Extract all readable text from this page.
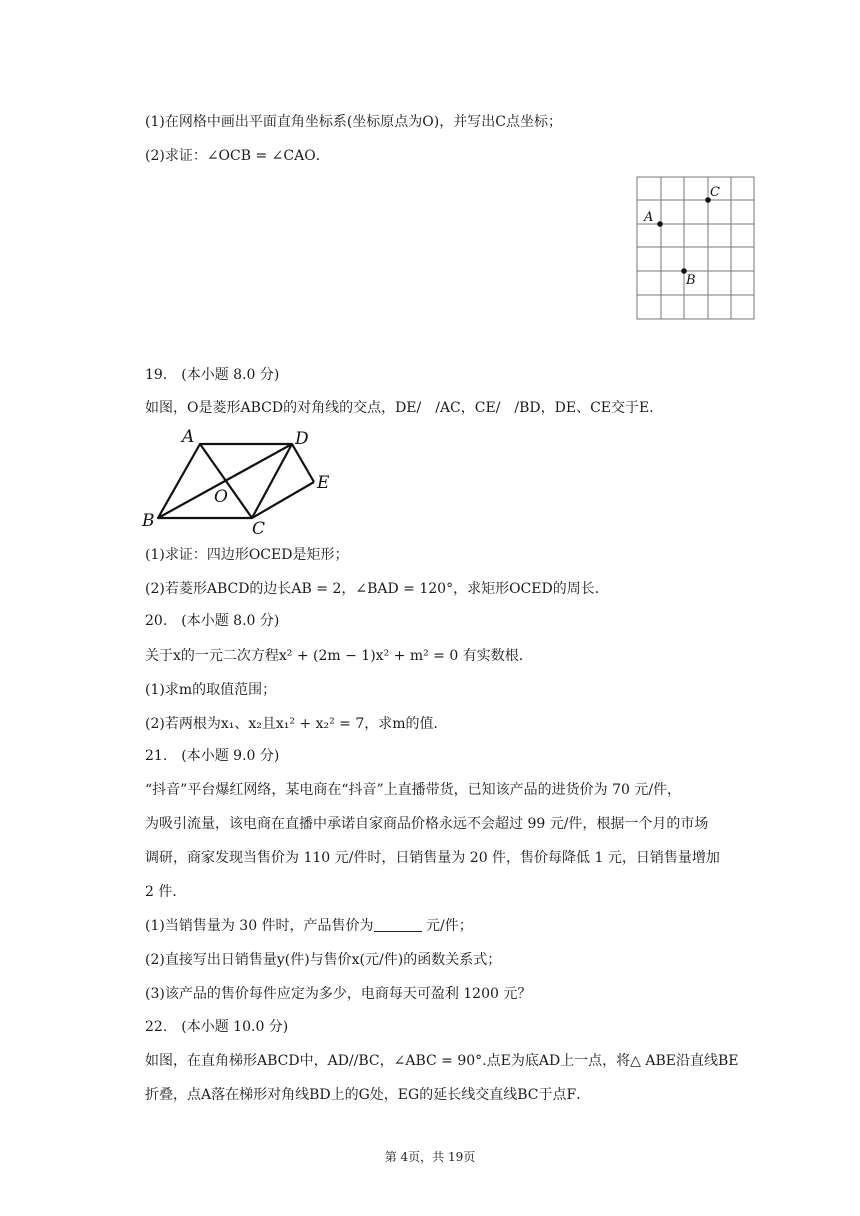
(1)在网格中画出平面直角坐标系(坐标原点为O)，并写出C点坐标；
(2)求证：∠OCB = ∠CAO．
C
A
B
19.　(本小题 8.0 分)
如图，O是菱形ABCD的对角线的交点，DE/　/AC，CE/　/BD，DE、CE交于E．
A	D
O
E
B	C
(1)求证：四边形OCED是矩形；
(2)若菱形ABCD的边长AB = 2，∠BAD = 120°，求矩形OCED的周长．
20.　(本小题 8.0 分)
关于x的一元二次方程x² + (2m − 1)x² + m² = 0 有实数根．
(1)求m的取值范围；
(2)若两根为x₁、x₂且x₁² + x₂² = 7，求m的值．
21.　(本小题 9.0 分)
“抖音”平台爆红网络，某电商在“抖音”上直播带货，已知该产品的进货价为 70 元/件，
为吸引流量，该电商在直播中承诺自家商品价格永远不会超过 99 元/件，根据一个月的市场
调研，商家发现当售价为 110 元/件时，日销售量为 20 件，售价每降低 1 元，日销售量增加
2 件．
(1)当销售量为 30 件时，产品售价为	元/件；
(2)直接写出日销售量y(件)与售价x(元/件)的函数关系式；
(3)该产品的售价每件应定为多少，电商每天可盈利 1200 元？
22.　(本小题 10.0 分)
如图，在直角梯形ABCD中，AD//BC，∠ABC = 90°.点E为底AD上一点，将△ ABE沿直线BE
折叠，点A落在梯形对角线BD上的G处，EG的延长线交直线BC于点F．
第 4页，共 19页
